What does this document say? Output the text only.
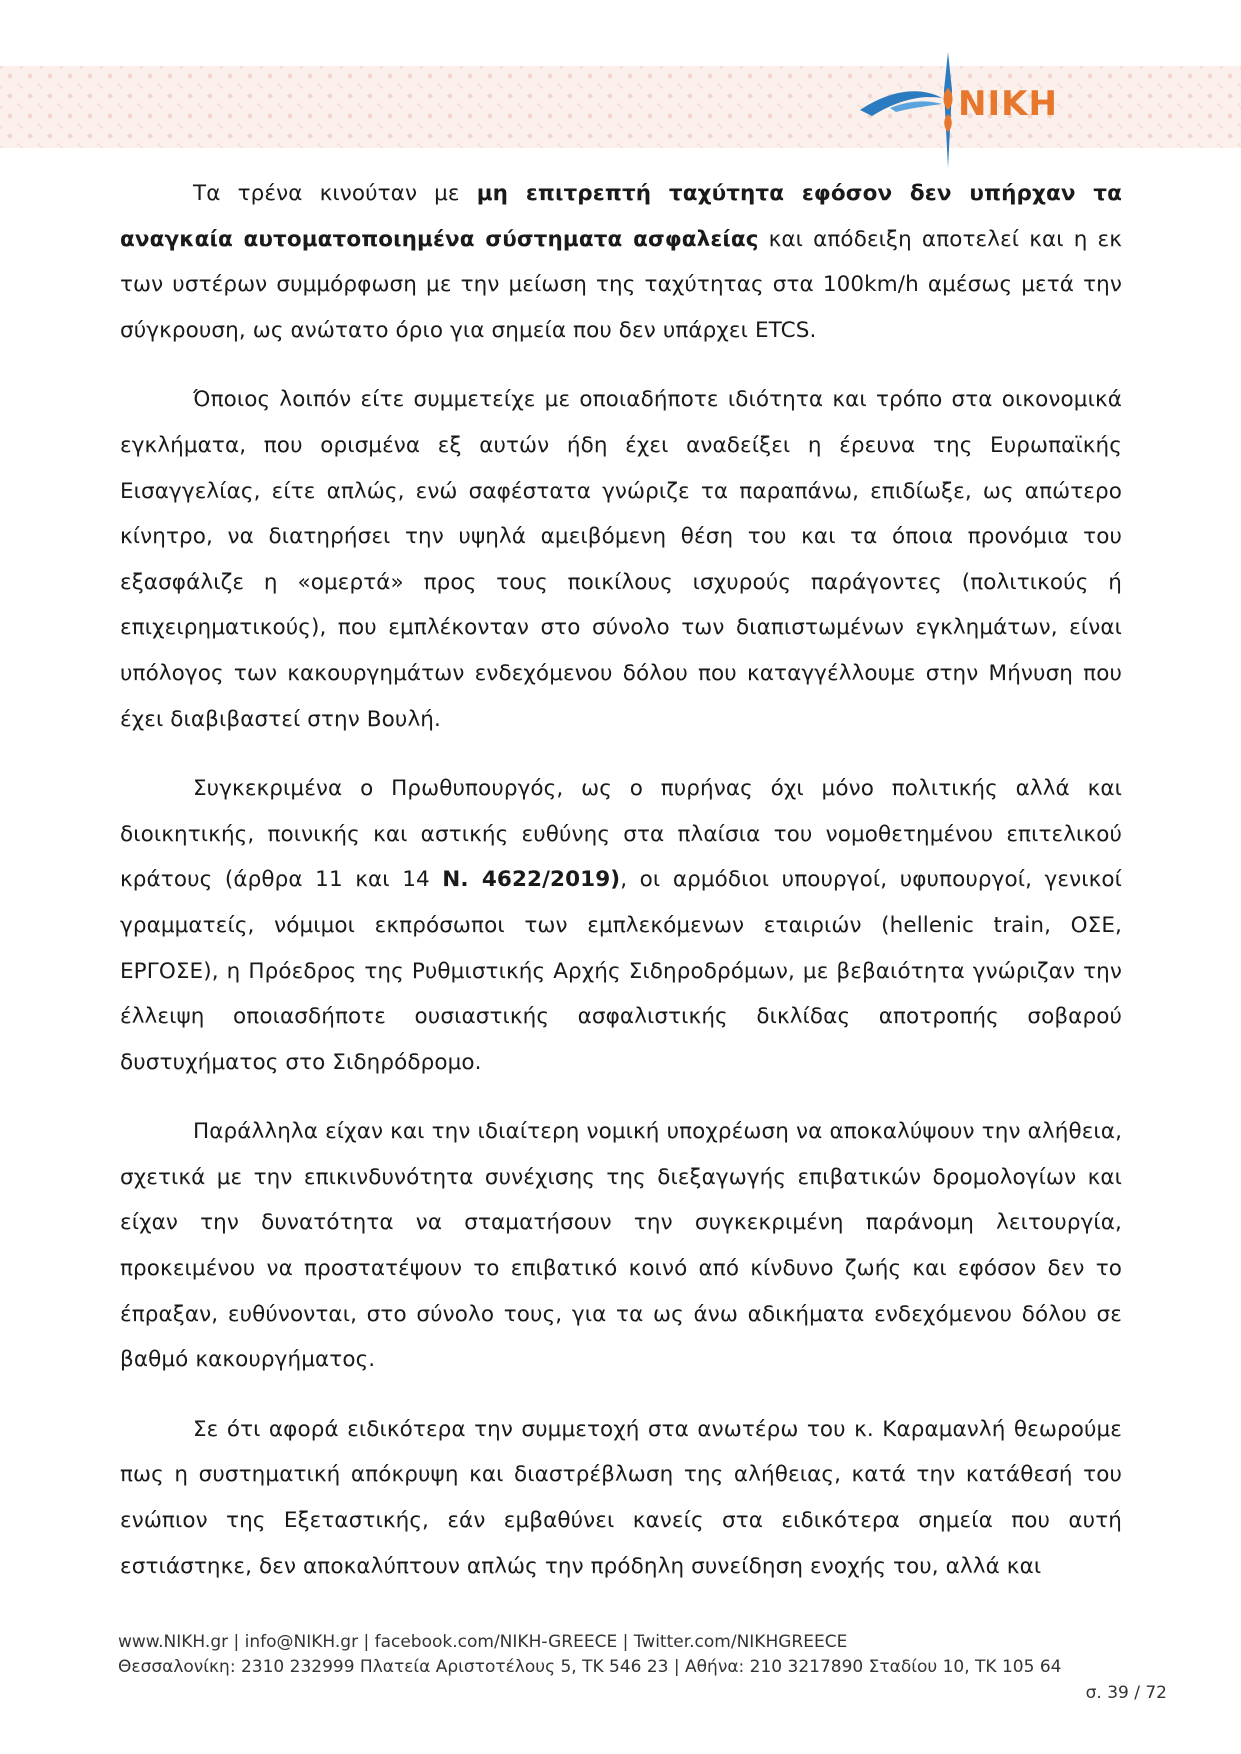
NIKH

Τα τρένα κινούταν με μη επιτρεπτή ταχύτητα εφόσον δεν υπήρχαν τα αναγκαία αυτοματοποιημένα σύστηματα ασφαλείας και απόδειξη αποτελεί και η εκ των υστέρων συμμόρφωση με την μείωση της ταχύτητας στα 100km/h αμέσως μετά την σύγκρουση, ως ανώτατο όριο για σημεία που δεν υπάρχει ETCS.

Όποιος λοιπόν είτε συμμετείχε με οποιαδήποτε ιδιότητα και τρόπο στα οικονομικά εγκλήματα, που ορισμένα εξ αυτών ήδη έχει αναδείξει η έρευνα της Ευρωπαϊκής Εισαγγελίας, είτε απλώς, ενώ σαφέστατα γνώριζε τα παραπάνω, επιδίωξε, ως απώτερο κίνητρο, να διατηρήσει την υψηλά αμειβόμενη θέση του και τα όποια προνόμια του εξασφάλιζε η «ομερτά» προς τους ποικίλους ισχυρούς παράγοντες (πολιτικούς ή επιχειρηματικούς), που εμπλέκονταν στο σύνολο των διαπιστωμένων εγκλημάτων, είναι υπόλογος των κακουργημάτων ενδεχόμενου δόλου που καταγγέλλουμε στην Μήνυση που έχει διαβιβαστεί στην Βουλή.

Συγκεκριμένα ο Πρωθυπουργός, ως ο πυρήνας όχι μόνο πολιτικής αλλά και διοικητικής, ποινικής και αστικής ευθύνης στα πλαίσια του νομοθετημένου επιτελικού κράτους (άρθρα 11 και 14 Ν. 4622/2019), οι αρμόδιοι υπουργοί, υφυπουργοί, γενικοί γραμματείς, νόμιμοι εκπρόσωποι των εμπλεκόμενων εταιριών (hellenic train, ΟΣΕ, ΕΡΓΟΣΕ), η Πρόεδρος της Ρυθμιστικής Αρχής Σιδηροδρόμων, με βεβαιότητα γνώριζαν την έλλειψη οποιασδήποτε ουσιαστικής ασφαλιστικής δικλίδας αποτροπής σοβαρού δυστυχήματος στο Σιδηρόδρομο.

Παράλληλα είχαν και την ιδιαίτερη νομική υποχρέωση να αποκαλύψουν την αλήθεια, σχετικά με την επικινδυνότητα συνέχισης της διεξαγωγής επιβατικών δρομολογίων και είχαν την δυνατότητα να σταματήσουν την συγκεκριμένη παράνομη λειτουργία, προκειμένου να προστατέψουν το επιβατικό κοινό από κίνδυνο ζωής και εφόσον δεν το έπραξαν, ευθύνονται, στο σύνολο τους, για τα ως άνω αδικήματα ενδεχόμενου δόλου σε βαθμό κακουργήματος.

Σε ότι αφορά ειδικότερα την συμμετοχή στα ανωτέρω του κ. Καραμανλή θεωρούμε πως η συστηματική απόκρυψη και διαστρέβλωση της αλήθειας, κατά την κατάθεσή του ενώπιον της Εξεταστικής, εάν εμβαθύνει κανείς στα ειδικότερα σημεία που αυτή εστιάστηκε, δεν αποκαλύπτουν απλώς την πρόδηλη συνείδηση ενοχής του, αλλά και

www.NIKH.gr | info@NIKH.gr | facebook.com/NIKH-GREECE | Twitter.com/NIKHGREECE
Θεσσαλονίκη: 2310 232999 Πλατεία Αριστοτέλους 5, ΤΚ 546 23 | Αθήνα: 210 3217890 Σταδίου 10, ΤΚ 105 64
σ. 39 / 72
